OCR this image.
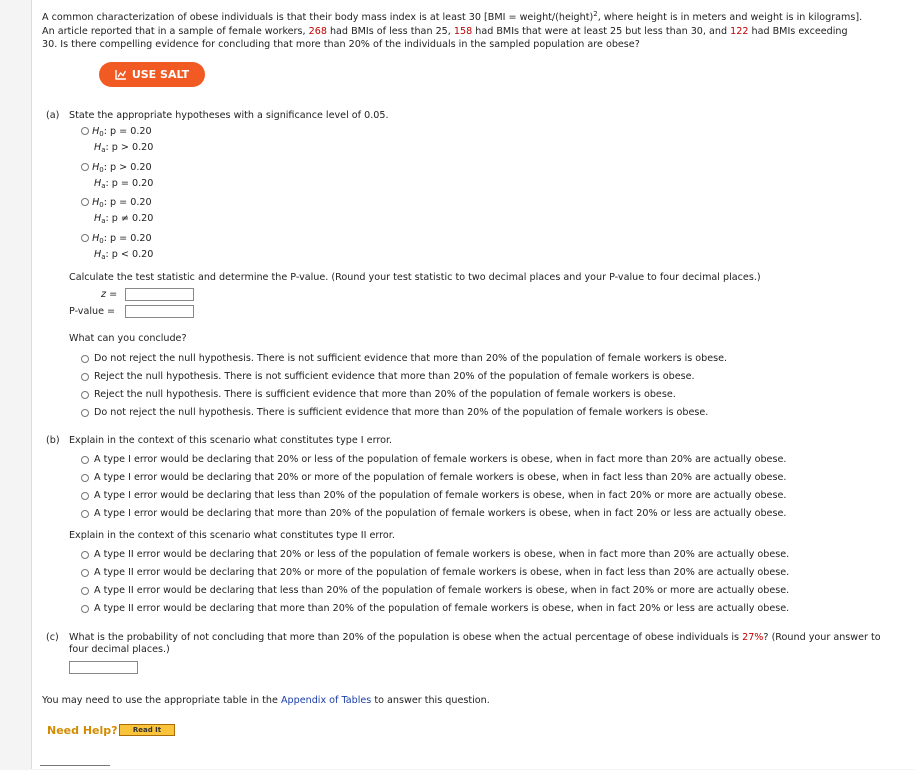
A common characterization of obese individuals is that their body mass index is at least 30 [BMI = weight/(height)$^2$, where height is in meters and weight is in kilograms].
An article reported that in a sample of female workers, 268 had BMIs of less than 25, 158 had BMIs that were at least 25 but less than 30, and 122 had BMIs exceeding
30. Is there compelling evidence for concluding that more than 20% of the individuals in the sampled population are obese?
USE SALT
(a) State the appropriate hypotheses with a significance level of 0.05.
$H_0$: p = 0.20
$H_a$: p > 0.20
$H_0$: p > 0.20
$H_a$: p = 0.20
$H_0$: p = 0.20
$H_a$: p ≠ 0.20
$H_0$: p = 0.20
$H_a$: p < 0.20
Calculate the test statistic and determine the P-value. (Round your test statistic to two decimal places and your P-value to four decimal places.)
z =
P-value =
What can you conclude?
Do not reject the null hypothesis. There is not sufficient evidence that more than 20% of the population of female workers is obese.
Reject the null hypothesis. There is not sufficient evidence that more than 20% of the population of female workers is obese.
Reject the null hypothesis. There is sufficient evidence that more than 20% of the population of female workers is obese.
Do not reject the null hypothesis. There is sufficient evidence that more than 20% of the population of female workers is obese.
(b) Explain in the context of this scenario what constitutes type I error.
A type I error would be declaring that 20% or less of the population of female workers is obese, when in fact more than 20% are actually obese.
A type I error would be declaring that 20% or more of the population of female workers is obese, when in fact less than 20% are actually obese.
A type I error would be declaring that less than 20% of the population of female workers is obese, when in fact 20% or more are actually obese.
A type I error would be declaring that more than 20% of the population of female workers is obese, when in fact 20% or less are actually obese.
Explain in the context of this scenario what constitutes type II error.
A type II error would be declaring that 20% or less of the population of female workers is obese, when in fact more than 20% are actually obese.
A type II error would be declaring that 20% or more of the population of female workers is obese, when in fact less than 20% are actually obese.
A type II error would be declaring that less than 20% of the population of female workers is obese, when in fact 20% or more are actually obese.
A type II error would be declaring that more than 20% of the population of female workers is obese, when in fact 20% or less are actually obese.
(c) What is the probability of not concluding that more than 20% of the population is obese when the actual percentage of obese individuals is 27%? (Round your answer to
four decimal places.)
You may need to use the appropriate table in the Appendix of Tables to answer this question.
Need Help?	Read It
